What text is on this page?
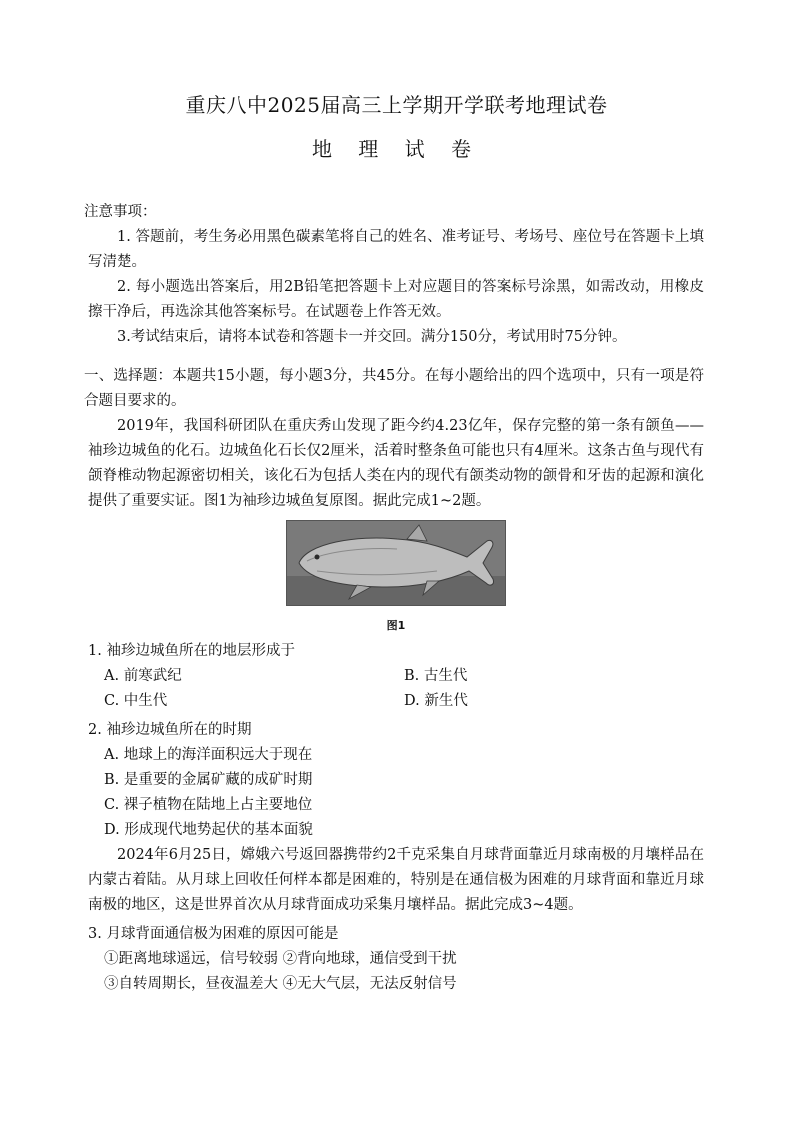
重庆八中2025届高三上学期开学联考地理试卷
地 理 试 卷

注意事项：

1. 答题前，考生务必用黑色碳素笔将自己的姓名、准考证号、考场号、座位号在答题卡上填写清楚。

2. 每小题选出答案后，用2B铅笔把答题卡上对应题目的答案标号涂黑，如需改动，用橡皮擦干净后，再选涂其他答案标号。在试题卷上作答无效。

3.考试结束后，请将本试卷和答题卡一并交回。满分150分，考试用时75分钟。

一、选择题：本题共15小题，每小题3分，共45分。在每小题给出的四个选项中，只有一项是符合题目要求的。

2019年，我国科研团队在重庆秀山发现了距今约4.23亿年，保存完整的第一条有颌鱼——袖珍边城鱼的化石。边城鱼化石长仅2厘米，活着时整条鱼可能也只有4厘米。这条古鱼与现代有颌脊椎动物起源密切相关，该化石为包括人类在内的现代有颌类动物的颌骨和牙齿的起源和演化提供了重要实证。图1为袖珍边城鱼复原图。据此完成1~2题。

图1

1. 袖珍边城鱼所在的地层形成于

A. 前寒武纪	B. 古生代
C. 中生代	D. 新生代

2. 袖珍边城鱼所在的时期

A. 地球上的海洋面积远大于现在

B. 是重要的金属矿藏的成矿时期

C. 裸子植物在陆地上占主要地位

D. 形成现代地势起伏的基本面貌

2024年6月25日，嫦娥六号返回器携带约2千克采集自月球背面靠近月球南极的月壤样品在内蒙古着陆。从月球上回收任何样本都是困难的，特别是在通信极为困难的月球背面和靠近月球南极的地区，这是世界首次从月球背面成功采集月壤样品。据此完成3~4题。

3. 月球背面通信极为困难的原因可能是

①距离地球遥远，信号较弱 ②背向地球，通信受到干扰

③自转周期长，昼夜温差大 ④无大气层，无法反射信号
